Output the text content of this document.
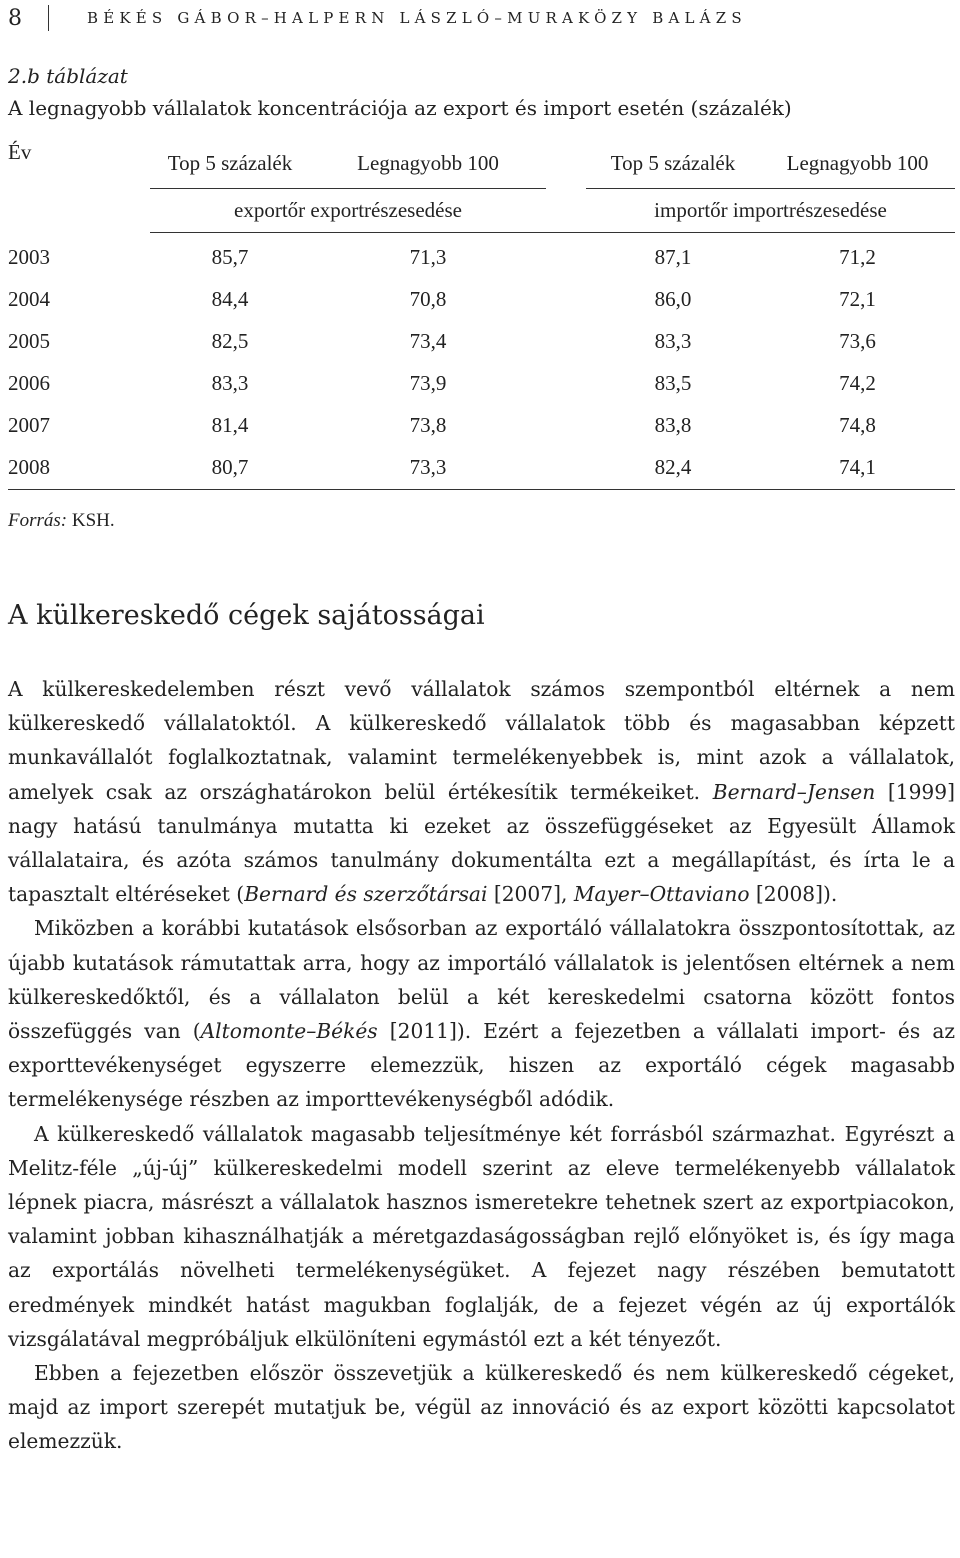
8	BÉKÉS GÁBOR–HALPERN LÁSZLÓ–MURAKÖZY BALÁZS
2.b táblázat
A legnagyobb vállalatok koncentrációja az export és import esetén (százalék)
Év	Top 5 százalék	Legnagyobb 100		Top 5 százalék	Legnagyobb 100
	exportőr exportrészesedése			importőr importrészesedése	
2003	85,7	71,3		87,1	71,2
2004	84,4	70,8		86,0	72,1
2005	82,5	73,4		83,3	73,6
2006	83,3	73,9		83,5	74,2
2007	81,4	73,8		83,8	74,8
2008	80,7	73,3		82,4	74,1
Forrás: KSH.
A külkereskedő cégek sajátosságai

A külkereskedelemben részt vevő vállalatok számos szempontból eltérnek a nem külkereskedő vállalatoktól. A külkereskedő vállalatok több és magasabban képzett munkavállalót foglalkoztatnak, valamint termelékenyebbek is, mint azok a vállalatok, amelyek csak az országhatárokon belül értékesítik termékeiket. Bernard–Jensen [1999] nagy hatású tanulmánya mutatta ki ezeket az összefüggéseket az Egyesült Államok vállalataira, és azóta számos tanulmány dokumentálta ezt a megállapítást, és írta le a tapasztalt eltéréseket (Bernard és szerzőtársai [2007], Mayer–Ottaviano [2008]).

Miközben a korábbi kutatások elsősorban az exportáló vállalatokra összpontosítottak, az újabb kutatások rámutattak arra, hogy az importáló vállalatok is jelentősen eltérnek a nem külkereskedőktől, és a vállalaton belül a két kereskedelmi csatorna között fontos összefüggés van (Altomonte–Békés [2011]). Ezért a fejezetben a vállalati import- és az exporttevékenységet egyszerre elemezzük, hiszen az exportáló cégek magasabb termelékenysége részben az importtevékenységből adódik.

A külkereskedő vállalatok magasabb teljesítménye két forrásból származhat. Egyrészt a Melitz-féle „új-új” külkereskedelmi modell szerint az eleve termelékenyebb vállalatok lépnek piacra, másrészt a vállalatok hasznos ismeretekre tehetnek szert az exportpiacokon, valamint jobban kihasználhatják a méretgazdaságosságban rejlő előnyöket is, és így maga az exportálás növelheti termelékenységüket. A fejezet nagy részében bemutatott eredmények mindkét hatást magukban foglalják, de a fejezet végén az új exportálók vizsgálatával megpróbáljuk elkülöníteni egymástól ezt a két tényezőt.

Ebben a fejezetben először összevetjük a külkereskedő és nem külkereskedő cégeket, majd az import szerepét mutatjuk be, végül az innováció és az export közötti kapcsolatot elemezzük.
